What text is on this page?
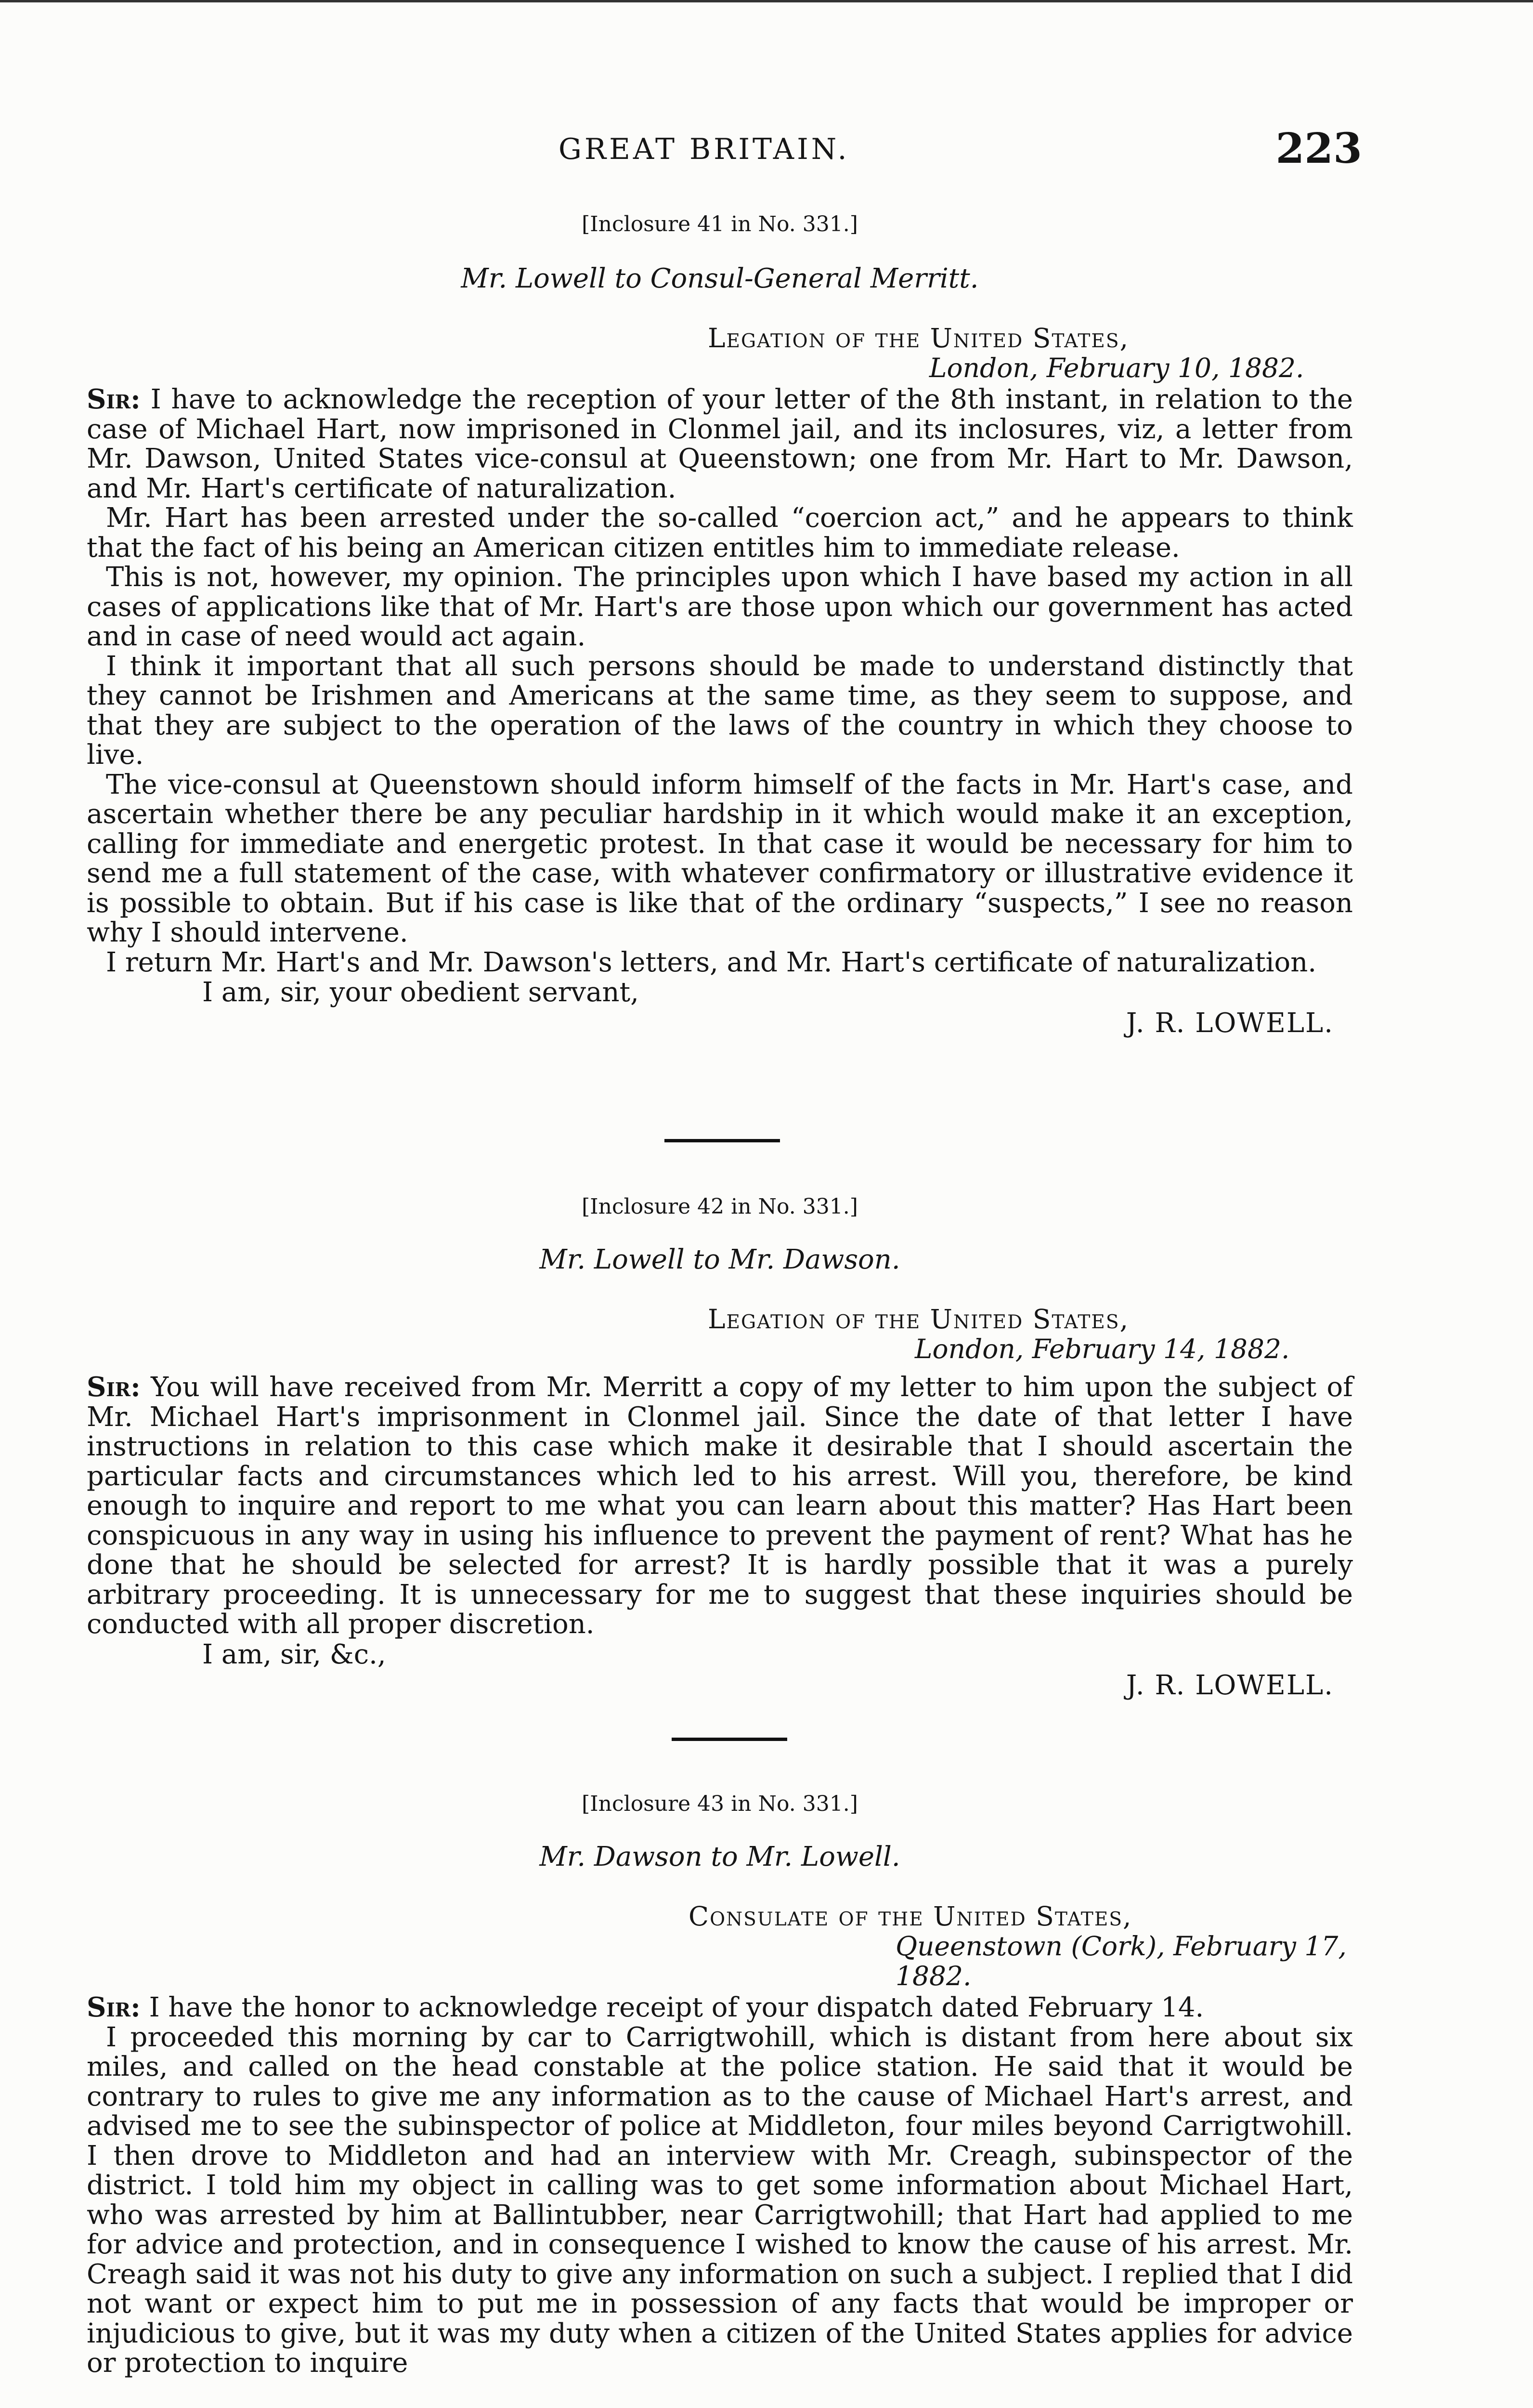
GREAT BRITAIN.	223

[Inclosure 41 in No. 331.]

Mr. Lowell to Consul-General Merritt.

Legation of the United States,
London, February 10, 1882.

Sir: I have to acknowledge the reception of your letter of the 8th instant, in relation to the case of Michael Hart, now imprisoned in Clonmel jail, and its inclosures, viz, a letter from Mr. Dawson, United States vice-consul at Queenstown; one from Mr. Hart to Mr. Dawson, and Mr. Hart's certificate of naturalization.

Mr. Hart has been arrested under the so-called “coercion act,” and he appears to think that the fact of his being an American citizen entitles him to immediate release.

This is not, however, my opinion. The principles upon which I have based my action in all cases of applications like that of Mr. Hart's are those upon which our government has acted and in case of need would act again.

I think it important that all such persons should be made to understand distinctly that they cannot be Irishmen and Americans at the same time, as they seem to suppose, and that they are subject to the operation of the laws of the country in which they choose to live.

The vice-consul at Queenstown should inform himself of the facts in Mr. Hart's case, and ascertain whether there be any peculiar hardship in it which would make it an exception, calling for immediate and energetic protest. In that case it would be necessary for him to send me a full statement of the case, with whatever confirmatory or illustrative evidence it is possible to obtain. But if his case is like that of the ordinary “suspects,” I see no reason why I should intervene.

I return Mr. Hart's and Mr. Dawson's letters, and Mr. Hart's certificate of naturalization.

I am, sir, your obedient servant,

J. R. LOWELL.

[Inclosure 42 in No. 331.]

Mr. Lowell to Mr. Dawson.

Legation of the United States,
London, February 14, 1882.

Sir: You will have received from Mr. Merritt a copy of my letter to him upon the subject of Mr. Michael Hart's imprisonment in Clonmel jail. Since the date of that letter I have instructions in relation to this case which make it desirable that I should ascertain the particular facts and circumstances which led to his arrest. Will you, therefore, be kind enough to inquire and report to me what you can learn about this matter? Has Hart been conspicuous in any way in using his influence to prevent the payment of rent? What has he done that he should be selected for arrest? It is hardly possible that it was a purely arbitrary proceeding. It is unnecessary for me to suggest that these inquiries should be conducted with all proper discretion.

I am, sir, &c.,

J. R. LOWELL.

[Inclosure 43 in No. 331.]

Mr. Dawson to Mr. Lowell.

Consulate of the United States,
Queenstown (Cork), February 17, 1882.

Sir: I have the honor to acknowledge receipt of your dispatch dated February 14.

I proceeded this morning by car to Carrigtwohill, which is distant from here about six miles, and called on the head constable at the police station. He said that it would be contrary to rules to give me any information as to the cause of Michael Hart's arrest, and advised me to see the subinspector of police at Middleton, four miles beyond Carrigtwohill. I then drove to Middleton and had an interview with Mr. Creagh, subinspector of the district. I told him my object in calling was to get some information about Michael Hart, who was arrested by him at Ballintubber, near Carrigtwohill; that Hart had applied to me for advice and protection, and in consequence I wished to know the cause of his arrest. Mr. Creagh said it was not his duty to give any information on such a subject. I replied that I did not want or expect him to put me in possession of any facts that would be improper or injudicious to give, but it was my duty when a citizen of the United States applies for advice or protection to inquire
